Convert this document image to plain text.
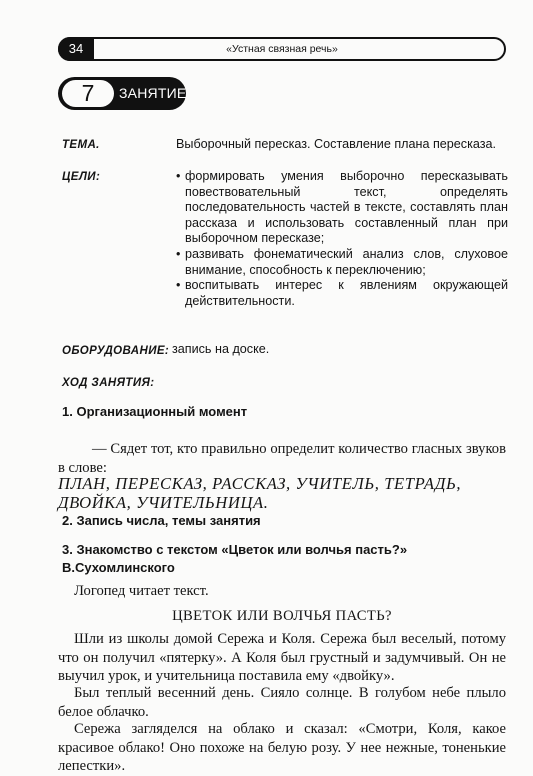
34	«Устная связная речь»
7	ЗАНЯТИЕ
ТЕМА.	Выборочный пересказ. Составление плана пересказа.
ЦЕЛИ:
•	формировать умения выборочно пересказывать повествовательный текст, определять последовательность частей в тексте, составлять план рассказа и использовать составленный план при выборочном пересказе;
• развивать фонематический анализ слов, слуховое внимание, способность к переключению;
• воспитывать интерес к явлениям окружающей действительности.
ОБОРУДОВАНИЕ: запись на доске.
ХОД ЗАНЯТИЯ:
1. Организационный момент

— Сядет тот, кто правильно определит количество гласных звуков в слове:

ПЛАН, ПЕРЕСКАЗ, РАССКАЗ, УЧИТЕЛЬ, ТЕТРАДЬ, ДВОЙКА, УЧИТЕЛЬНИЦА.

2. Запись числа, темы занятия
3. Знакомство с текстом «Цветок или волчья пасть?»
В.Сухомлинского

Логопед читает текст.

ЦВЕТОК ИЛИ ВОЛЧЬЯ ПАСТЬ?

Шли из школы домой Сережа и Коля. Сережа был веселый, потому что он получил «пятерку». А Коля был грустный и задумчивый. Он не выучил урок, и учительница поставила ему «двойку».

Был теплый весенний день. Сияло солнце. В голубом небе плыло белое облачко.

Сережа загляделся на облако и сказал: «Смотри, Коля, какое красивое облако! Оно похоже на белую розу. У нее нежные, тоненькие лепестки».
